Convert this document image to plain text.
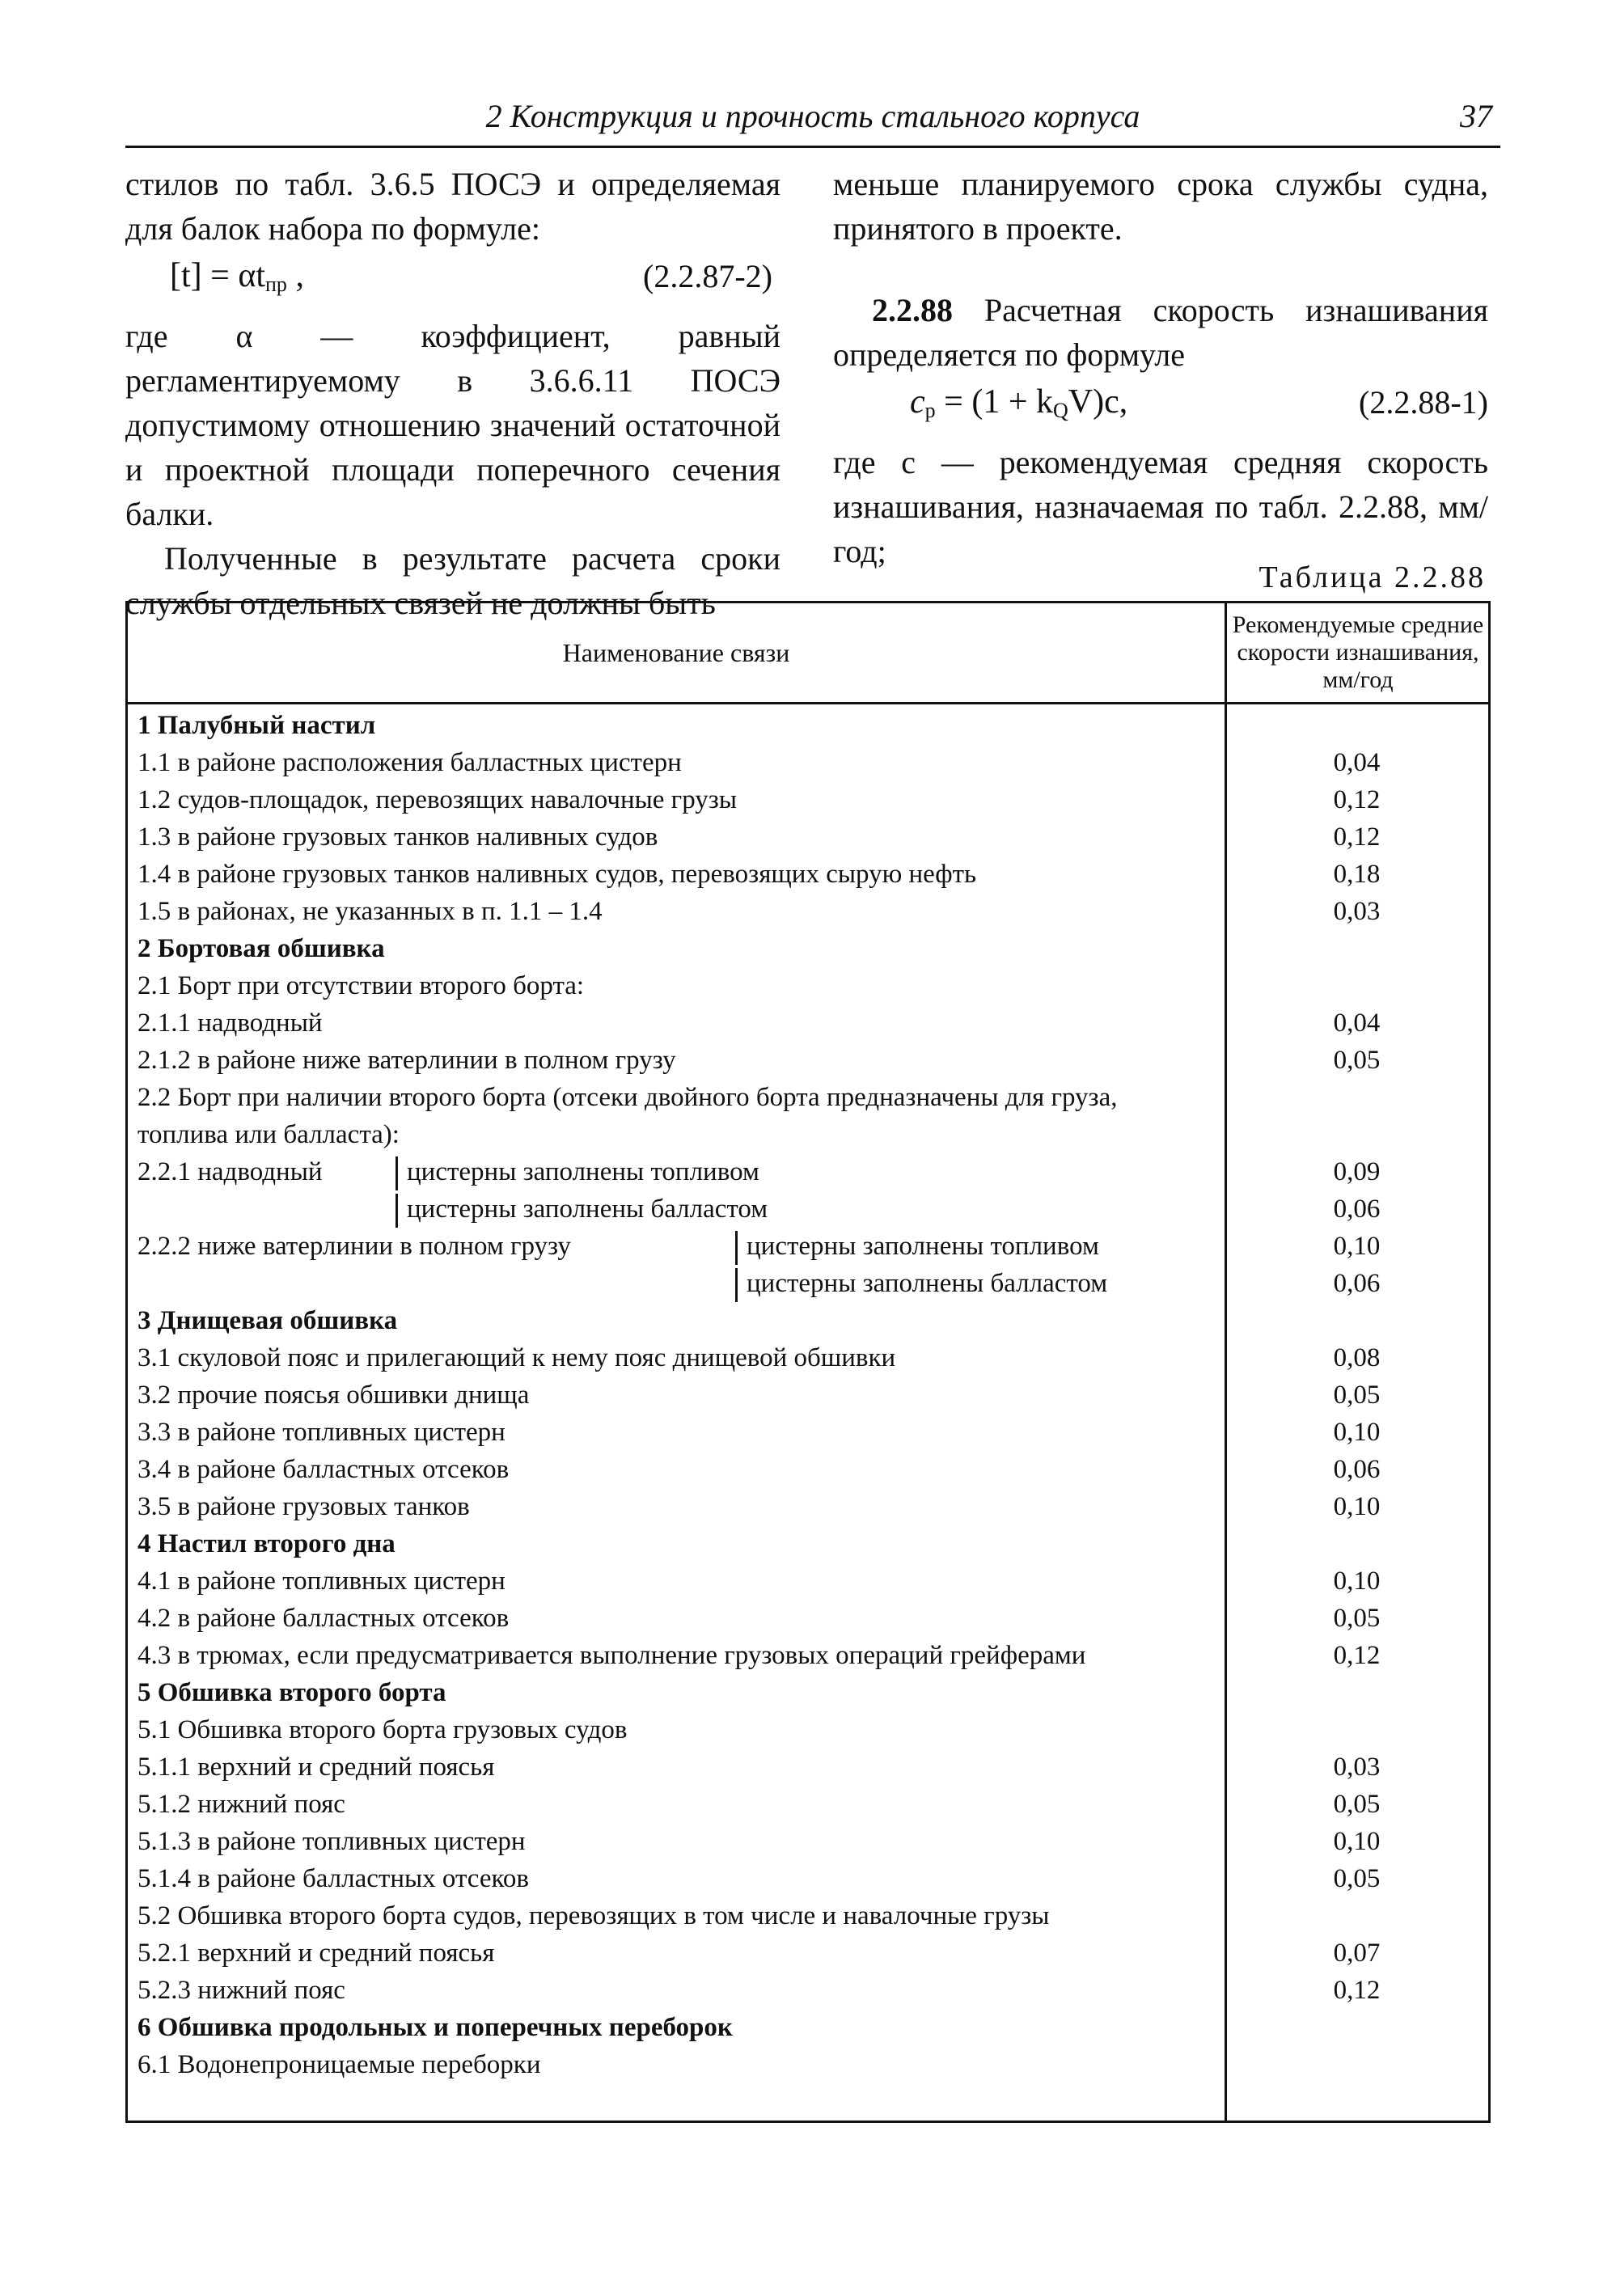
2 Конструкция и прочность стального корпуса	37

стилов по табл. 3.6.5 ПОСЭ и определяемая для балок набора по формуле:

$[t] = \alpha t_{пр}$ ,	(2.2.87-2)

где α — коэффициент, равный регламентируемому в 3.6.6.11 ПОСЭ допустимому отношению значений остаточной и проектной площади поперечного сечения балки.

Полученные в результате расчета сроки службы отдельных связей не должны быть

меньше планируемого срока службы судна, принятого в проекте.

2.2.88 Расчетная скорость изнашивания определяется по формуле

$c_p = (1 + k_QV)c$,	(2.2.88-1)

где c — рекомендуемая средняя скорость изнашивания, назначаемая по табл. 2.2.88, мм/год;

Таблица 2.2.88
Наименование связи
Рекомендуемые средние скорости изнашивания, мм/год
1 Палубный настил
1.1 в районе расположения балластных цистерн	0,04
1.2 судов-площадок, перевозящих навалочные грузы	0,12
1.3 в районе грузовых танков наливных судов	0,12
1.4 в районе грузовых танков наливных судов, перевозящих сырую нефть	0,18
1.5 в районах, не указанных в п. 1.1 – 1.4	0,03
2 Бортовая обшивка
2.1 Борт при отсутствии второго борта:
2.1.1 надводный	0,04
2.1.2 в районе ниже ватерлинии в полном грузу	0,05
2.2 Борт при наличии второго борта (отсеки двойного борта предназначены для груза, топлива или балласта):
2.2.1 надводный	цистерны заполнены топливом	0,09
цистерны заполнены балластом	0,06
2.2.2 ниже ватерлинии в полном грузу	цистерны заполнены топливом	0,10
цистерны заполнены балластом	0,06
3 Днищевая обшивка
3.1 скуловой пояс и прилегающий к нему пояс днищевой обшивки	0,08
3.2 прочие поясья обшивки днища	0,05
3.3 в районе топливных цистерн	0,10
3.4 в районе балластных отсеков	0,06
3.5 в районе грузовых танков	0,10
4 Настил второго дна
4.1 в районе топливных цистерн	0,10
4.2 в районе балластных отсеков	0,05
4.3 в трюмах, если предусматривается выполнение грузовых операций грейферами	0,12
5 Обшивка второго борта
5.1 Обшивка второго борта грузовых судов
5.1.1 верхний и средний поясья	0,03
5.1.2 нижний пояс	0,05
5.1.3 в районе топливных цистерн	0,10
5.1.4 в районе балластных отсеков	0,05
5.2 Обшивка второго борта судов, перевозящих в том числе и навалочные грузы
5.2.1 верхний и средний поясья	0,07
5.2.3 нижний пояс	0,12
6 Обшивка продольных и поперечных переборок
6.1 Водонепроницаемые переборки
